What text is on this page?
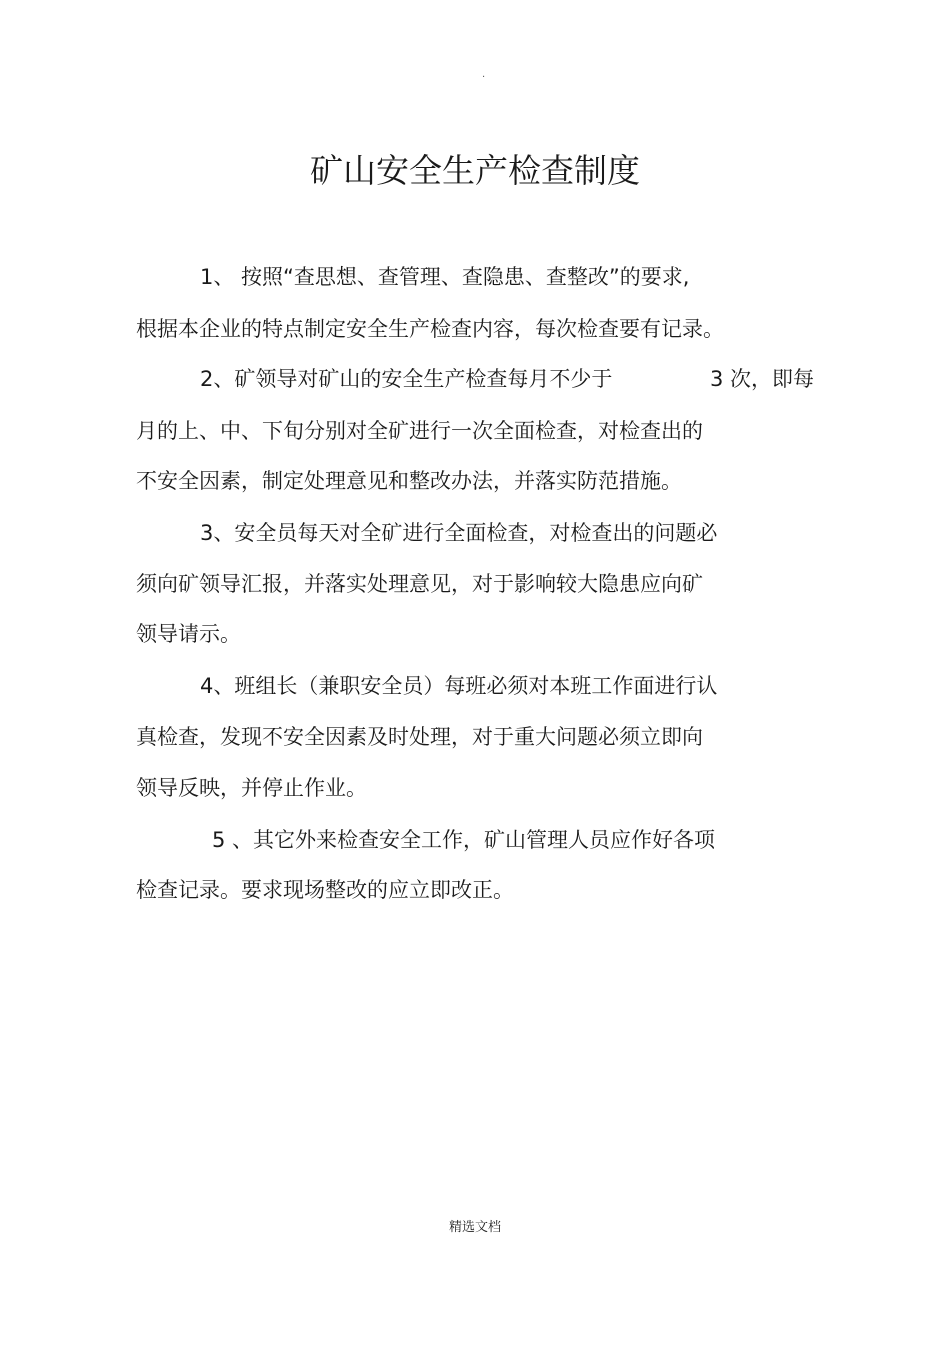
.
矿山安全生产检查制度
1、 按照“查思想、查管理、查隐患、查整改”的要求,
根据本企业的特点制定安全生产检查内容，每次检查要有记录。
2、矿领导对矿山的安全生产检查每月不少于	3 次，即每
月的上、中、下旬分别对全矿进行一次全面检查，对检查出的
不安全因素，制定处理意见和整改办法，并落实防范措施。
3、安全员每天对全矿进行全面检查，对检查出的问题必
须向矿领导汇报，并落实处理意见，对于影响较大隐患应向矿
领导请示。
4、班组长（兼职安全员）每班必须对本班工作面进行认
真检查，发现不安全因素及时处理，对于重大问题必须立即向
领导反映，并停止作业。
5 、其它外来检查安全工作，矿山管理人员应作好各项
检查记录。要求现场整改的应立即改正。
精选文档
